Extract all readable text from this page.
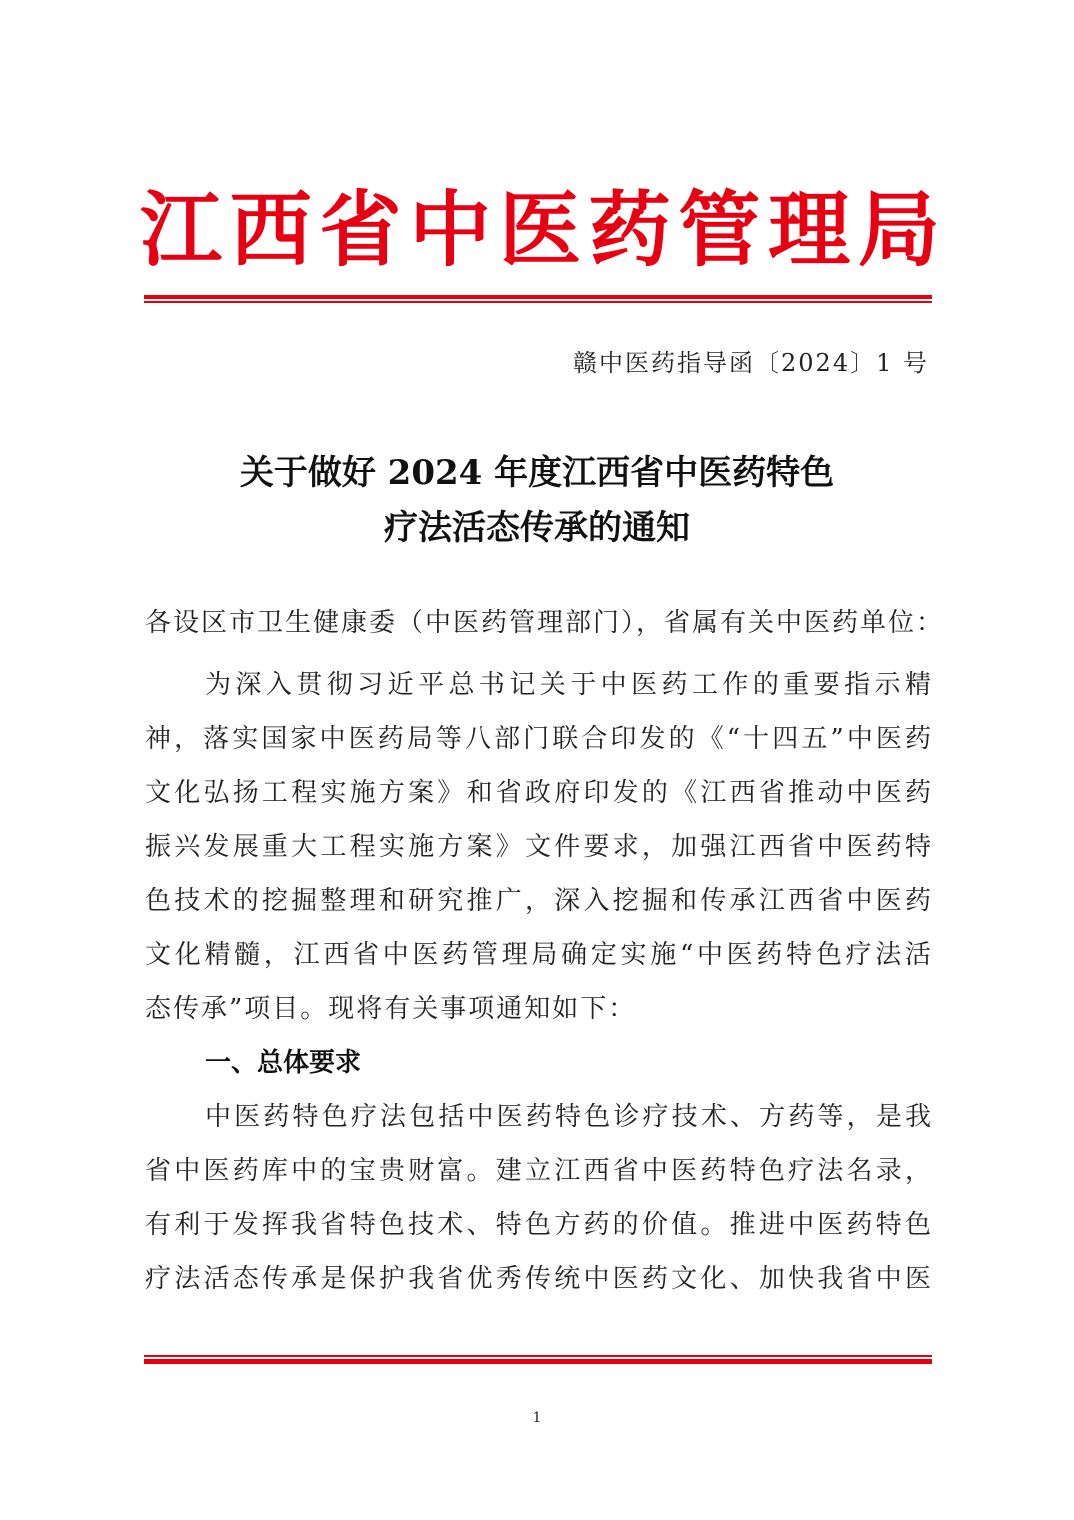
江 西 省 中 医 药 管 理 局
赣中医药指导函〔2024〕1 号
关于做好 2024 年度江西省中医药特色
疗法活态传承的通知
各设区市卫生健康委（中医药管理部门），省属有关中医药单位：
为深入贯彻习近平总书记关于中医药工作的重要指示精
神，落实国家中医药局等八部门联合印发的《“十四五”中医药
文化弘扬工程实施方案》和省政府印发的《江西省推动中医药
振兴发展重大工程实施方案》文件要求，加强江西省中医药特
色技术的挖掘整理和研究推广，深入挖掘和传承江西省中医药
文化精髓，江西省中医药管理局确定实施“中医药特色疗法活
态传承”项目。现将有关事项通知如下：
一、总体要求
中医药特色疗法包括中医药特色诊疗技术、方药等，是我
省中医药库中的宝贵财富。建立江西省中医药特色疗法名录，
有利于发挥我省特色技术、特色方药的价值。推进中医药特色
疗法活态传承是保护我省优秀传统中医药文化、加快我省中医
1
